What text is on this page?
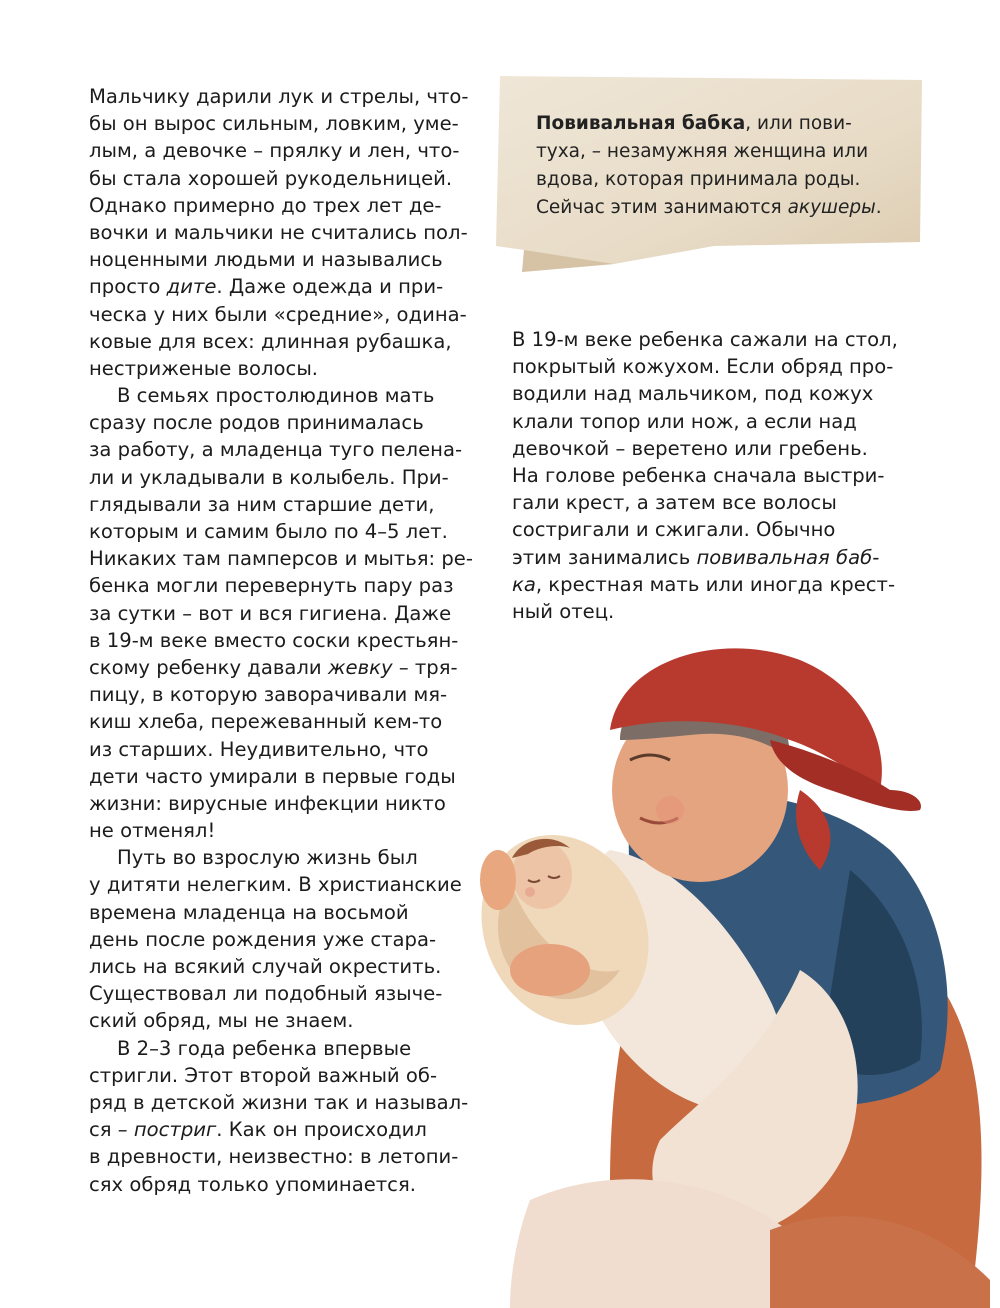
Мальчику дарили лук и стрелы, что-
бы он вырос сильным, ловким, уме-
лым, а девочке – прялку и лен, что-
бы стала хорошей рукодельницей.
Однако примерно до трех лет де-
вочки и мальчики не считались пол-
ноценными людьми и назывались
просто дите. Даже одежда и при-
ческа у них были «средние», одина-
ковые для всех: длинная рубашка,
нестриженые волосы.
В семьях простолюдинов мать
сразу после родов принималась
за работу, а младенца туго пелена-
ли и укладывали в колыбель. При-
глядывали за ним старшие дети,
которым и самим было по 4–5 лет.
Никаких там памперсов и мытья: ре-
бенка могли перевернуть пару раз
за сутки – вот и вся гигиена. Даже
в 19-м веке вместо соски крестьян-
скому ребенку давали жевку – тря-
пицу, в которую заворачивали мя-
киш хлеба, пережеванный кем-то
из старших. Неудивительно, что
дети часто умирали в первые годы
жизни: вирусные инфекции никто
не отменял!
Путь во взрослую жизнь был
у дитяти нелегким. В христианские
времена младенца на восьмой
день после рождения уже стара-
лись на всякий случай окрестить.
Существовал ли подобный языче-
ский обряд, мы не знаем.
В 2–3 года ребенка впервые
стригли. Этот второй важный об-
ряд в детской жизни так и называл-
ся – постриг. Как он происходил
в древности, неизвестно: в летопи-
сях обряд только упоминается.
Повивальная бабка, или пови-
туха, – незамужняя женщина или
вдова, которая принимала роды.
Сейчас этим занимаются акушеры.
В 19-м веке ребенка сажали на стол,
покрытый кожухом. Если обряд про-
водили над мальчиком, под кожух
клали топор или нож, а если над
девочкой – веретено или гребень.
На голове ребенка сначала выстри-
гали крест, а затем все волосы
состригали и сжигали. Обычно
этим занимались повивальная баб-
ка, крестная мать или иногда крест-
ный отец.
